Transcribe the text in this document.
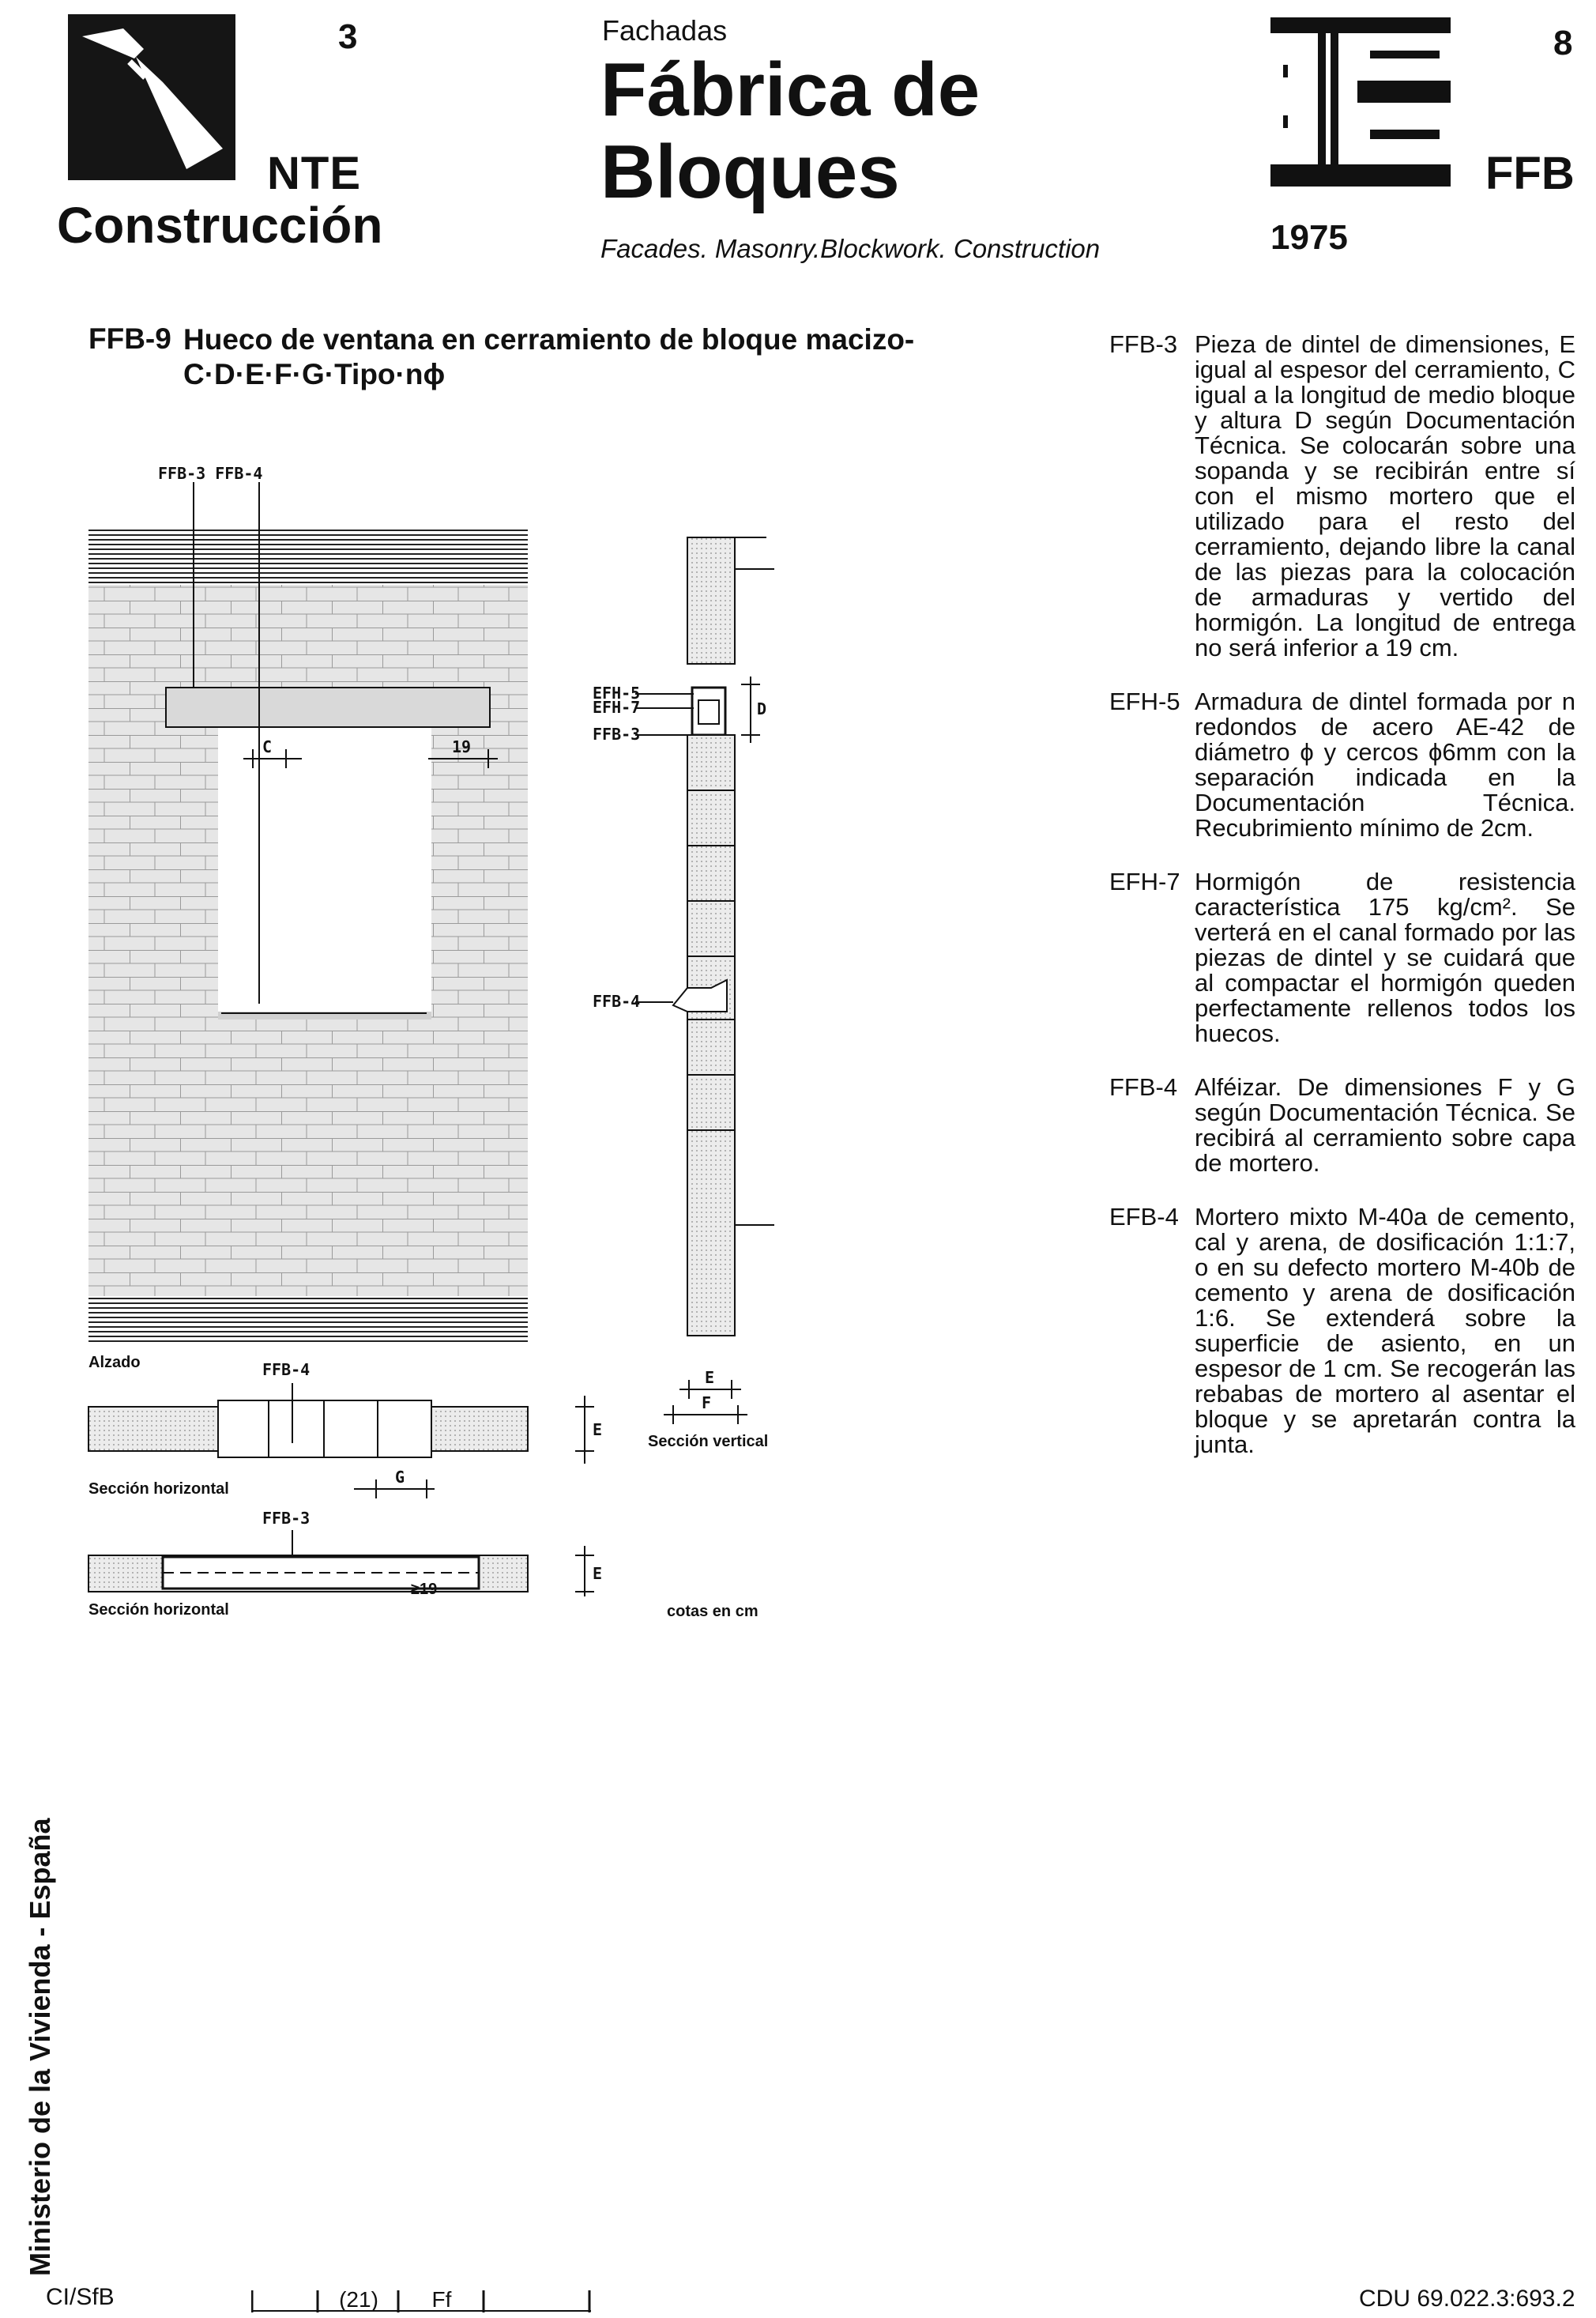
3
NTE
Construcción
Fachadas
Fábrica de
Bloques
Facades. Masonry.Blockwork. Construction
8
FFB
1975
FFB-9 Hueco de ventana en cerramiento de bloque macizo-C·D·E·F·G·Tipo·nϕ
FFB-3 FFB-4
C	19
Alzado
EFH-5
EFH-7
FFB-3
D
FFB-4
E
F
Sección vertical
FFB-4
E
Sección horizontal
G
FFB-3
E
Sección horizontal
≥19
cotas en cm
FFB-3 Pieza de dintel de dimensiones, E igual al espesor del cerramiento, C igual a la longitud de medio bloque y altura D según Documentación Técnica. Se colocarán sobre una sopanda y se recibirán entre sí con el mismo mortero que el utilizado para el resto del cerramiento, dejando libre la canal de las piezas para la colocación de armaduras y vertido del hormigón. La longitud de entrega no será inferior a 19 cm.
EFH-5 Armadura de dintel formada por n redondos de acero AE-42 de diámetro ϕ y cercos ϕ6mm con la separación indicada en la Documentación Técnica. Recubrimiento mínimo de 2cm.
EFH-7 Hormigón de resistencia característica 175 kg/cm². Se verterá en el canal formado por las piezas de dintel y se cuidará que al compactar el hormigón queden perfectamente rellenos todos los huecos.
FFB-4 Alféizar. De dimensiones F y G según Documentación Técnica. Se recibirá al cerramiento sobre capa de mortero.
EFB-4 Mortero mixto M-40a de cemento, cal y arena, de dosificación 1:1:7, o en su defecto mortero M-40b de cemento y arena de dosificación 1:6. Se extenderá sobre la superficie de asiento, en un espesor de 1 cm. Se recogerán las rebabas de mortero al asentar el bloque y se apretarán contra la junta.
Ministerio de la Vivienda - España
CI/SfB	(21)	Ff	CDU 69.022.3:693.2
